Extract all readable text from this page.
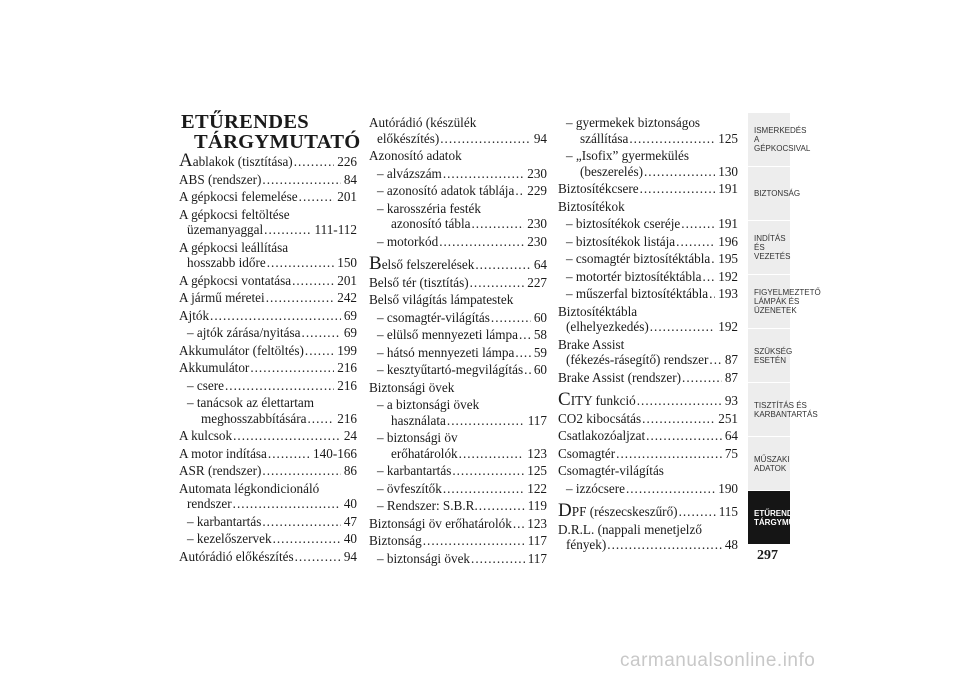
ETŰRENDES
TÁRGYMUTATÓ
A ablakok (tisztítása) .....	226
ABS (rendszer) .....	84
A gépkocsi felemelése .....	201
A gépkocsi feltöltése
üzemanyaggal .....	111-112
A gépkocsi leállítása
hosszabb időre .....	150
A gépkocsi vontatása .....	201
A jármű méretei .....	242
Ajtók .....	69
– ajtók zárása/nyitása .....	69
Akkumulátor (feltöltés) .....	199
Akkumulátor .....	216
– csere .....	216
– tanácsok az élettartam
meghosszabbítására ..... 216
A kulcsok .....	24
A motor indítása .....	140-166
ASR (rendszer) .....	86
Automata légkondicionáló
rendszer .....	40
– karbantartás .....	47
– kezelőszervek .....	40
Autórádió előkészítés .....	94
Autórádió (készülék
előkészítés) .....	94
Azonosító adatok
– alvázszám .....	230
– azonosító adatok táblája ..... 229
– karosszéria festék
azonosító tábla .....	230
– motorkód .....	230
B első felszerelések .....	64
Belső tér (tisztítás) .....	227
Belső világítás lámpatestek
– csomagtér-világítás .....	60
– elülső mennyezeti lámpa ..... 58
– hátsó mennyezeti lámpa ..... 59
– kesztyűtartó-megvilágítás ..... 60
Biztonsági övek
– a biztonsági övek
használata .....	117
– biztonsági öv
erőhatárolók .....	123
– karbantartás .....	125
– övfeszítők .....	122
– Rendszer: S.B.R. .....	119
Biztonsági öv erőhatárolók ..... 123
Biztonság .....	117
– biztonsági övek .....	117
– gyermekek biztonságos
szállítása .....	125
– „Isofix” gyermekülés
(beszerelés) .....	130
Biztosítékcsere .....	191
Biztosítékok
– biztosítékok cseréje .....	191
– biztosítékok listája .....	196
– csomagtér biztosítéktábla ..... 195
– motortér biztosítéktábla ..... 192
– műszerfal biztosítéktábla ..... 193
Biztosítéktábla
(elhelyezkedés) .....	192
Brake Assist
(fékezés-rásegítő) rendszer ..... 87
Brake Assist (rendszer) .....	87
C ITY funkció .....	93
CO2 kibocsátás .....	251
Csatlakozóaljzat .....	64
Csomagtér .....	75
Csomagtér-világítás
– izzócsere .....	190
D PF (részecskeszűrő) .....	115
D.R.L. (nappali menetjelző
fények) .....	48
ISMERKEDÉS A GÉPKOCSIVAL
BIZTONSÁG
INDÍTÁS ÉS VEZETÉS
FIGYELMEZTETŐ LÁMPÁK ÉS ÜZENETEK
SZÜKSÉG ESETÉN
TISZTÍTÁS ÉS KARBANTARTÁS
MŰSZAKI ADATOK
ETŰRENDES TÁRGYMUTATÓ
297
carmanualsonline.info
